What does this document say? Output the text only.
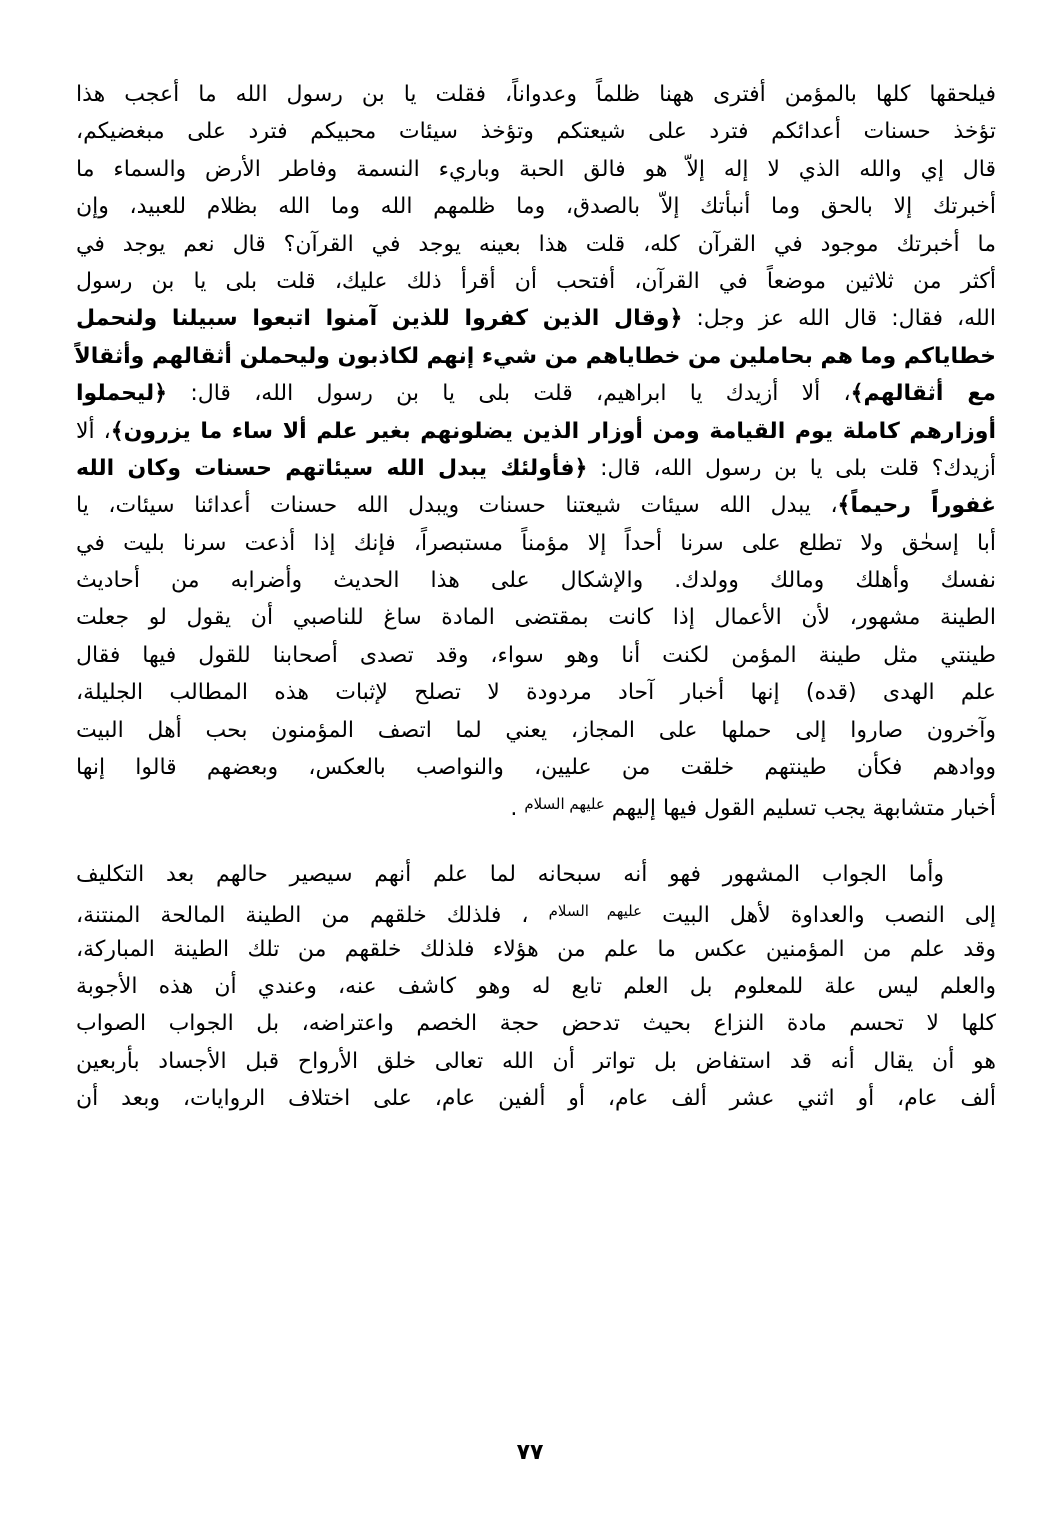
فيلحقها كلها بالمؤمن أفترى ههنا ظلماً وعدواناً، فقلت يا بن رسول الله ما أعجب هذا
تؤخذ حسنات أعدائكم فترد على شيعتكم وتؤخذ سيئات محبيكم فترد على مبغضيكم،
قال إي والله الذي لا إله إلاّ هو فالق الحبة وباريء النسمة وفاطر الأرض والسماء ما
أخبرتك إلا بالحق وما أنبأتك إلاّ بالصدق، وما ظلمهم الله وما الله بظلام للعبيد، وإن
ما أخبرتك موجود في القرآن كله، قلت هذا بعينه يوجد في القرآن؟ قال نعم يوجد في
أكثر من ثلاثين موضعاً في القرآن، أفتحب أن أقرأ ذلك عليك، قلت بلى يا بن رسول
الله، فقال: قال الله عز وجل: ﴿وقال الذين كفروا للذين آمنوا اتبعوا سبيلنا ولنحمل
خطاياكم وما هم بحاملين من خطاياهم من شيء إنهم لكاذبون وليحملن أثقالهم وأثقالاً
مع أثقالهم﴾، ألا أزيدك يا ابراهيم، قلت بلى يا بن رسول الله، قال: ﴿ليحملوا
أوزارهم كاملة يوم القيامة ومن أوزار الذين يضلونهم بغير علم ألا ساء ما يزرون﴾، ألا
أزيدك؟ قلت بلى يا بن رسول الله، قال: ﴿فأولئك يبدل الله سيئاتهم حسنات وكان الله
غفوراً رحيماً﴾، يبدل الله سيئات شيعتنا حسنات ويبدل الله حسنات أعدائنا سيئات، يا
أبا إسحٰق ولا تطلع على سرنا أحداً إلا مؤمناً مستبصراً، فإنك إذا أذعت سرنا بليت في
نفسك وأهلك ومالك وولدك. والإشكال على هذا الحديث وأضرابه من أحاديث
الطينة مشهور، لأن الأعمال إذا كانت بمقتضى المادة ساغ للناصبي أن يقول لو جعلت
طينتي مثل طينة المؤمن لكنت أنا وهو سواء، وقد تصدى أصحابنا للقول فيها فقال
علم الهدى (قده) إنها أخبار آحاد مردودة لا تصلح لإثبات هذه المطالب الجليلة،
وآخرون صاروا إلى حملها على المجاز، يعني لما اتصف المؤمنون بحب أهل البيت
ووادهم فكأن طينتهم خلقت من عليين، والنواصب بالعكس، وبعضهم قالوا إنها
أخبار متشابهة يجب تسليم القول فيها إليهم $^{عليهم السلام}$ .
وأما الجواب المشهور فهو أنه سبحانه لما علم أنهم سيصير حالهم بعد التكليف
إلى النصب والعداوة لأهل البيت $^{عليهم السلام}$ ، فلذلك خلقهم من الطينة المالحة المنتنة،
وقد علم من المؤمنين عكس ما علم من هؤلاء فلذلك خلقهم من تلك الطينة المباركة،
والعلم ليس علة للمعلوم بل العلم تابع له وهو كاشف عنه، وعندي أن هذه الأجوبة
كلها لا تحسم مادة النزاع بحيث تدحض حجة الخصم واعتراضه، بل الجواب الصواب
هو أن يقال أنه قد استفاض بل تواتر أن الله تعالى خلق الأرواح قبل الأجساد بأربعين
ألف عام، أو اثني عشر ألف عام، أو ألفين عام، على اختلاف الروايات، وبعد أن
٧٧
